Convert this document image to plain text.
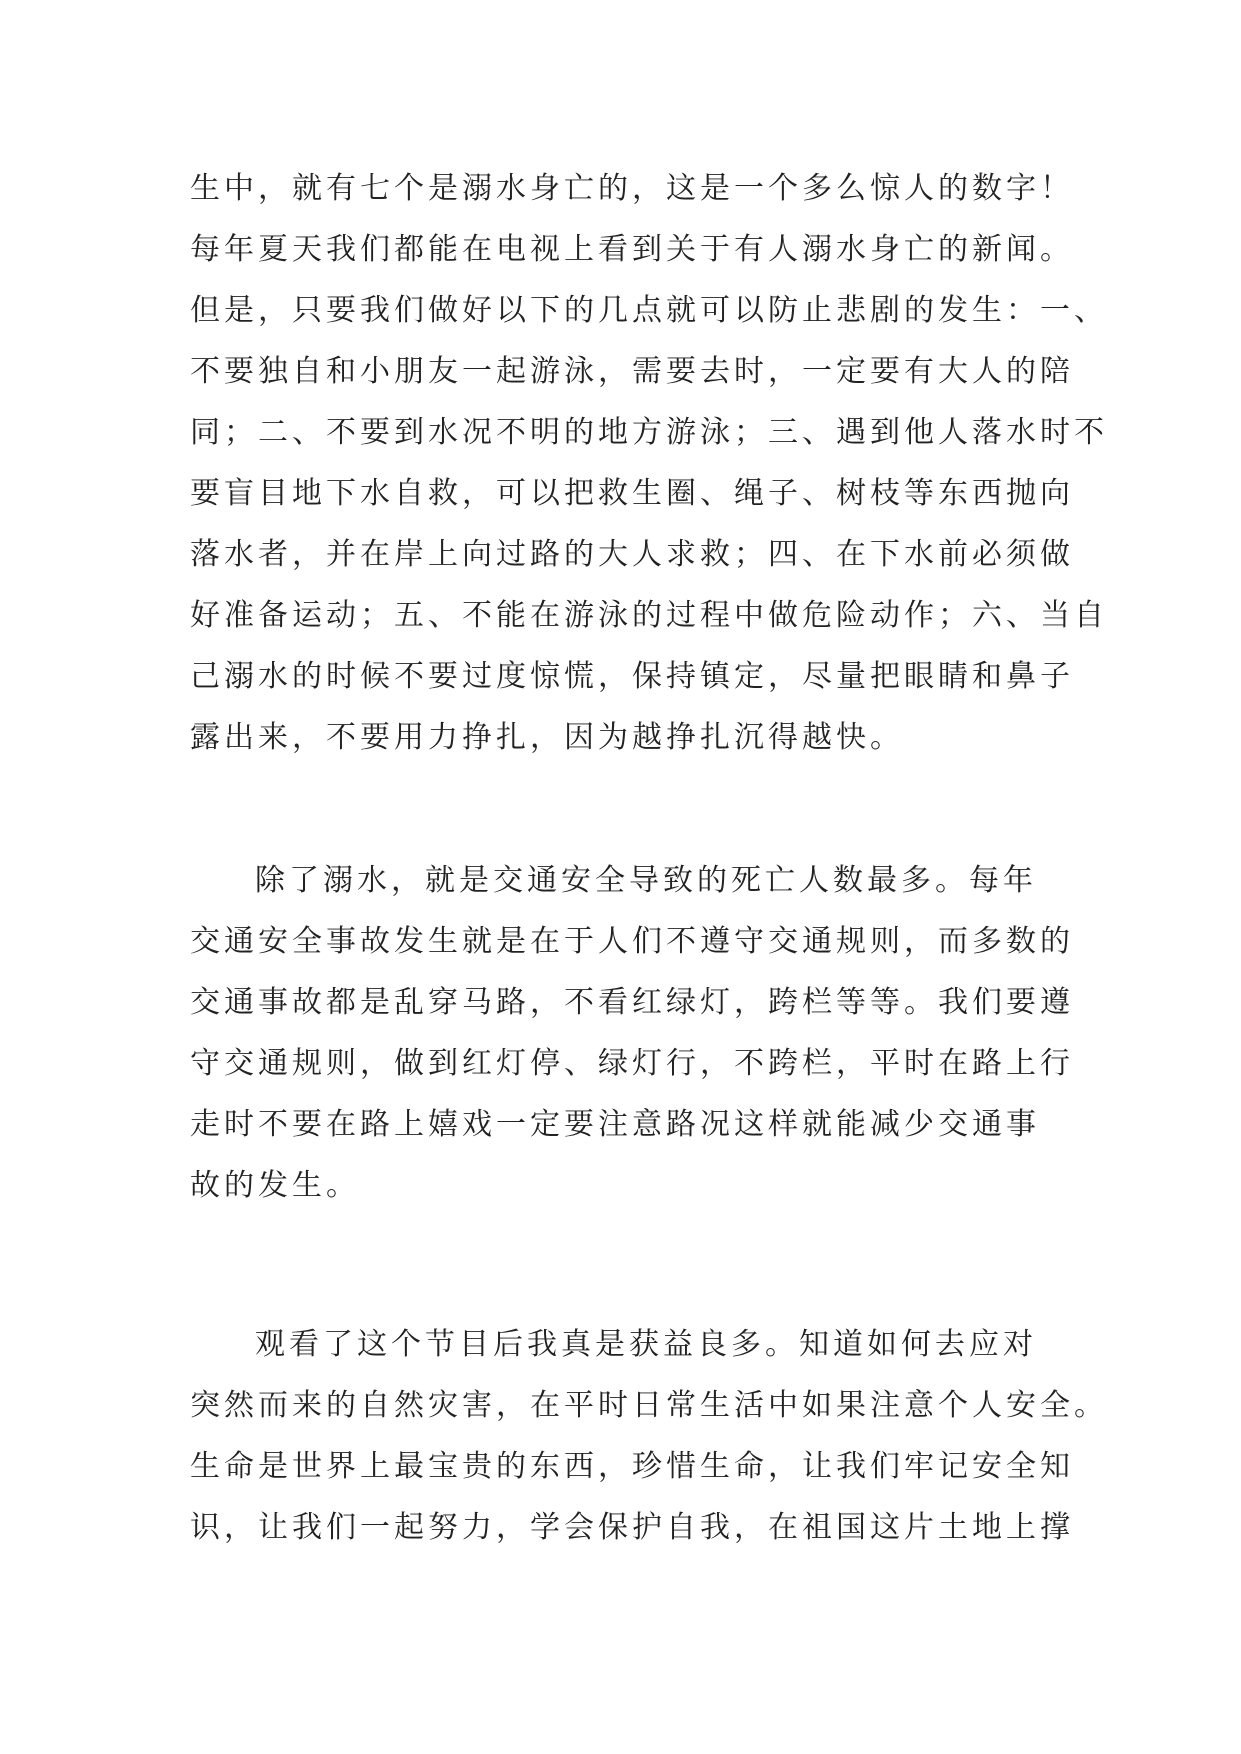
生中，就有七个是溺水身亡的，这是一个多么惊人的数字！
每年夏天我们都能在电视上看到关于有人溺水身亡的新闻。
但是，只要我们做好以下的几点就可以防止悲剧的发生：一、
不要独自和小朋友一起游泳，需要去时，一定要有大人的陪
同；二、不要到水况不明的地方游泳；三、遇到他人落水时不
要盲目地下水自救，可以把救生圈、绳子、树枝等东西抛向
落水者，并在岸上向过路的大人求救；四、在下水前必须做
好准备运动；五、不能在游泳的过程中做危险动作；六、当自
己溺水的时候不要过度惊慌，保持镇定，尽量把眼睛和鼻子
露出来，不要用力挣扎，因为越挣扎沉得越快。
除了溺水，就是交通安全导致的死亡人数最多。每年
交通安全事故发生就是在于人们不遵守交通规则，而多数的
交通事故都是乱穿马路，不看红绿灯，跨栏等等。我们要遵
守交通规则，做到红灯停、绿灯行，不跨栏，平时在路上行
走时不要在路上嬉戏一定要注意路况这样就能减少交通事
故的发生。
观看了这个节目后我真是获益良多。知道如何去应对
突然而来的自然灾害，在平时日常生活中如果注意个人安全。
生命是世界上最宝贵的东西，珍惜生命，让我们牢记安全知
识，让我们一起努力，学会保护自我，在祖国这片土地上撑
